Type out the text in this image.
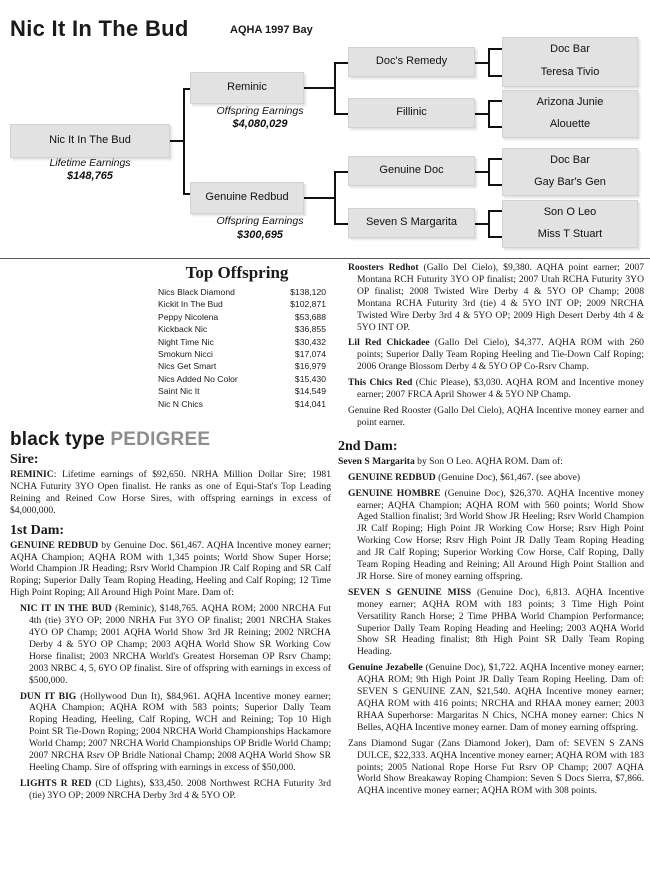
Nic It In The Bud	AQHA 1997 Bay
Nic It In The Bud
Lifetime Earnings
$148,765
Reminic
Offspring Earnings
$4,080,029
Genuine Redbud
Offspring Earnings
$300,695
Doc's Remedy
Fillinic
Genuine Doc
Seven S Margarita
Doc Bar
Teresa Tivio
Arizona Junie
Alouette
Doc Bar
Gay Bar's Gen
Son O Leo
Miss T Stuart
Top Offspring
Nics Black Diamond	$138,120
Kickit In The Bud	$102,871
Peppy Nicolena	$53,688
Kickback Nic	$36,855
Night Time Nic	$30,432
Smokum Nicci	$17,074
Nics Get Smart	$16,979
Nics Added No Color	$15,430
Saint Nic It	$14,549
Nic N Chics	$14,041
black type PEDIGREE
Sire:

REMINIC: Lifetime earnings of $92,650. NRHA Million Dollar Sire; 1981 NCHA Futurity 3YO Open finalist. He ranks as one of Equi-Stat's Top Leading Reining and Reined Cow Horse Sires, with offspring earnings in excess of $4,000,000.

1st Dam:

GENUINE REDBUD by Genuine Doc. $61,467. AQHA Incentive money earner; AQHA Champion; AQHA ROM with 1,345 points; World Show Super Horse; World Champion JR Heading; Rsrv World Champion JR Calf Roping and SR Calf Roping; Superior Dally Team Roping Heading, Heeling and Calf Roping; 12 Time High Point Roping; All Around High Point Mare. Dam of:

NIC IT IN THE BUD (Reminic), $148,765. AQHA ROM; 2000 NRCHA Fut 4th (tie) 3YO OP; 2000 NRHA Fut 3YO OP finalist; 2001 NRCHA Stakes 4YO OP Champ; 2001 AQHA World Show 3rd JR Reining; 2002 NRCHA Derby 4 & 5YO OP Champ; 2003 AQHA World Show SR Working Cow Horse finalist; 2003 NRCHA World's Greatest Horseman OP Rsrv Champ; 2003 NRBC 4, 5, 6YO OP finalist. Sire of offspring with earnings in excess of $500,000.

DUN IT BIG (Hollywood Dun It), $84,961. AQHA Incentive money earner; AQHA Champion; AQHA ROM with 583 points; Superior Dally Team Roping Heading, Heeling, Calf Roping, WCH and Reining; Top 10 High Point SR Tie-Down Roping; 2004 NRCHA World Championships Hackamore World Champ; 2007 NRCHA World Championships OP Bridle World Champ; 2007 NRCHA Rsrv OP Bridle National Champ; 2008 AQHA World Show SR Heeling Champ. Sire of offspring with earnings in excess of $50,000.

LIGHTS R RED (CD Lights), $33,450. 2008 Northwest RCHA Futurity 3rd (tie) 3YO OP; 2009 NRCHA Derby 3rd 4 & 5YO OP.

Roosters Redhot (Gallo Del Cielo), $9,380. AQHA point earner; 2007 Montana RCH Futurity 3YO OP finalist; 2007 Utah RCHA Futurity 3YO OP finalist; 2008 Twisted Wire Derby 4 & 5YO OP Champ; 2008 Montana RCHA Futurity 3rd (tie) 4 & 5YO INT OP; 2009 NRCHA Twisted Wire Derby 3rd 4 & 5YO OP; 2009 High Desert Derby 4th 4 & 5YO INT OP.

Lil Red Chickadee (Gallo Del Cielo), $4,377. AQHA ROM with 260 points; Superior Dally Team Roping Heeling and Tie-Down Calf Roping; 2006 Orange Blossom Derby 4 & 5YO OP Co-Rsrv Champ.

This Chics Red (Chic Please), $3,030. AQHA ROM and Incentive money earner; 2007 FRCA April Shower 4 & 5YO NP Champ.

Genuine Red Rooster (Gallo Del Cielo), AQHA Incentive money earner and point earner.

2nd Dam:

Seven S Margarita by Son O Leo. AQHA ROM. Dam of:

GENUINE REDBUD (Genuine Doc), $61,467. (see above)

GENUINE HOMBRE (Genuine Doc), $26,370. AQHA Incentive money earner; AQHA Champion; AQHA ROM with 560 points; World Show Aged Stallion finalist; 3rd World Show JR Heeling; Rsrv World Champion JR Calf Roping; High Point JR Working Cow Horse; Rsrv High Point Working Cow Horse; Rsrv High Point JR Dally Team Roping Heading and JR Calf Roping; Superior Working Cow Horse, Calf Roping, Dally Team Roping Heading and Reining; All Around High Point Stallion and JR Horse. Sire of money earning offspring.

SEVEN S GENUINE MISS (Genuine Doc), 6,813. AQHA Incentive money earner; AQHA ROM with 183 points; 3 Time High Point Versatility Ranch Horse; 2 Time PHBA World Champion Performance; Superior Dally Team Roping Heading and Heeling; 2003 AQHA World Show SR Heading finalist; 8th High Point SR Dally Team Roping Heading.

Genuine Jezabelle (Genuine Doc), $1,722. AQHA Incentive money earner; AQHA ROM; 9th High Point JR Dally Team Roping Heeling. Dam of: SEVEN S GENUINE ZAN, $21,540. AQHA Incentive money earner; AQHA ROM with 416 points; NRCHA and RHAA money earner; 2003 RHAA Superhorse: Margaritas N Chics, NCHA money earner: Chics N Belles, AQHA Incentive money earner. Dam of money earning offspring.

Zans Diamond Sugar (Zans Diamond Joker), Dam of: SEVEN S ZANS DULCE, $22,333. AQHA Incentive money earner; AQHA ROM with 183 points; 2005 National Rope Horse Fut Rsrv OP Champ; 2007 AQHA World Show Breakaway Roping Champion: Seven S Docs Sierra, $7,866. AQHA incentive money earner; AQHA ROM with 308 points.
